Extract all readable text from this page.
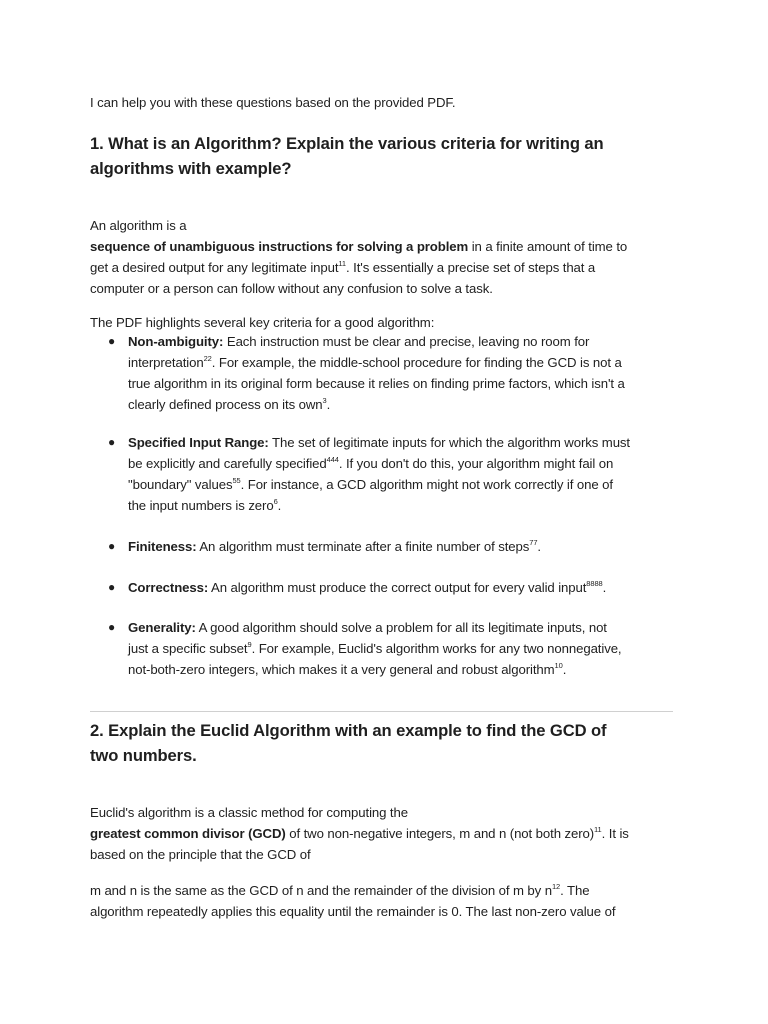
I can help you with these questions based on the provided PDF.

1. What is an Algorithm? Explain the various criteria for writing an
algorithms with example?
An algorithm is a
sequence of unambiguous instructions for solving a problem in a finite amount of time to
get a desired output for any legitimate input$^{11}$. It's essentially a precise set of steps that a
computer or a person can follow without any confusion to solve a task.

The PDF highlights several key criteria for a good algorithm:

● Non-ambiguity: Each instruction must be clear and precise, leaving no room for
interpretation$^{22}$. For example, the middle-school procedure for finding the GCD is not a
true algorithm in its original form because it relies on finding prime factors, which isn't a
clearly defined process on its own$^3$.
● Specified Input Range: The set of legitimate inputs for which the algorithm works must
be explicitly and carefully specified$^{444}$. If you don't do this, your algorithm might fail on
"boundary" values$^{55}$. For instance, a GCD algorithm might not work correctly if one of
the input numbers is zero$^6$.
● Finiteness: An algorithm must terminate after a finite number of steps$^{77}$.
● Correctness: An algorithm must produce the correct output for every valid input$^{8888}$.
● Generality: A good algorithm should solve a problem for all its legitimate inputs, not
just a specific subset$^9$. For example, Euclid's algorithm works for any two nonnegative,
not-both-zero integers, which makes it a very general and robust algorithm$^{10}$.
2. Explain the Euclid Algorithm with an example to find the GCD of
two numbers.
Euclid's algorithm is a classic method for computing the
greatest common divisor (GCD) of two non-negative integers, m and n (not both zero)$^{11}$. It is
based on the principle that the GCD of
m and n is the same as the GCD of n and the remainder of the division of m by $n^{12}$. The
algorithm repeatedly applies this equality until the remainder is 0. The last non-zero value of
